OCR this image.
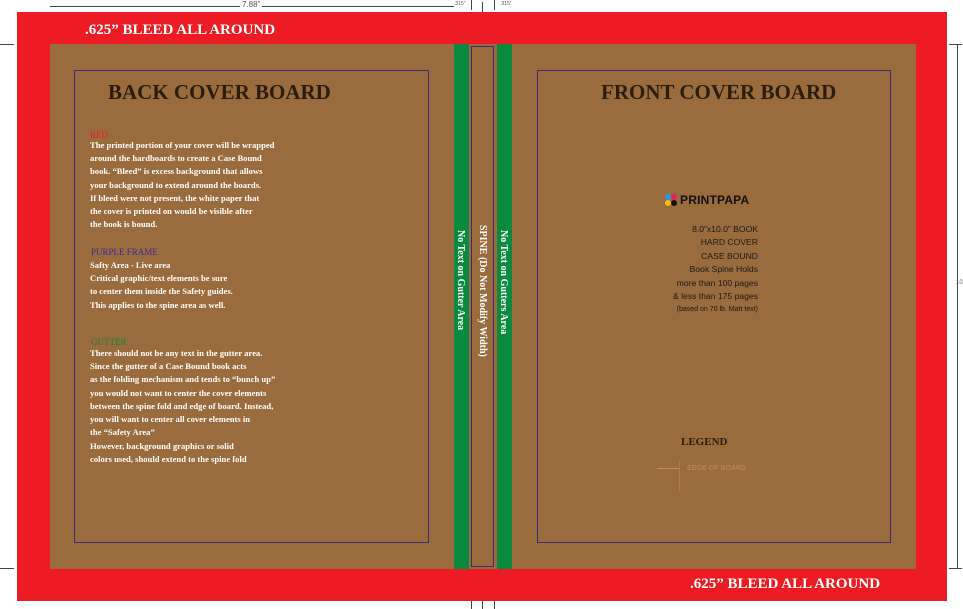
7.88”	.315”	.315”
10
.625” BLEED ALL AROUND
.625” BLEED ALL AROUND
No Text on Gutter Area SPINE (Do Not Modify Width) No Text on Gutters Area
BACK COVER BOARD
RED
The printed portion of your cover will be wrapped
around the hardboards to create a Case Bound
book. “Bleed” is excess background that allows
your background to extend around the boards.
If bleed were not present, the white paper that
the cover is printed on would be visible after
the book is bound.
PURPLE FRAME
Safty Area - Live area
Critical graphic/text elements be sure
to center them inside the Safety guides.
This applies to the spine area as well.
GUTTER
There should not be any text in the gutter area.
Since the gutter of a Case Bound book acts
as the folding mechanism and tends to “bunch up”
you would not want to center the cover elements
between the spine fold and edge of board. Instead,
you will want to center all cover elements in
the “Safety Area”
However, background graphics or solid
colors used, should extend to the spine fold
FRONT COVER BOARD
PRINTPAPA
8.0”x10.0” BOOK
HARD COVER
CASE BOUND
Book Spine Holds
more than 100 pages
& less than 175 pages
(based on 70 lb. Matt text)
LEGEND
EDGE OF BOARD
